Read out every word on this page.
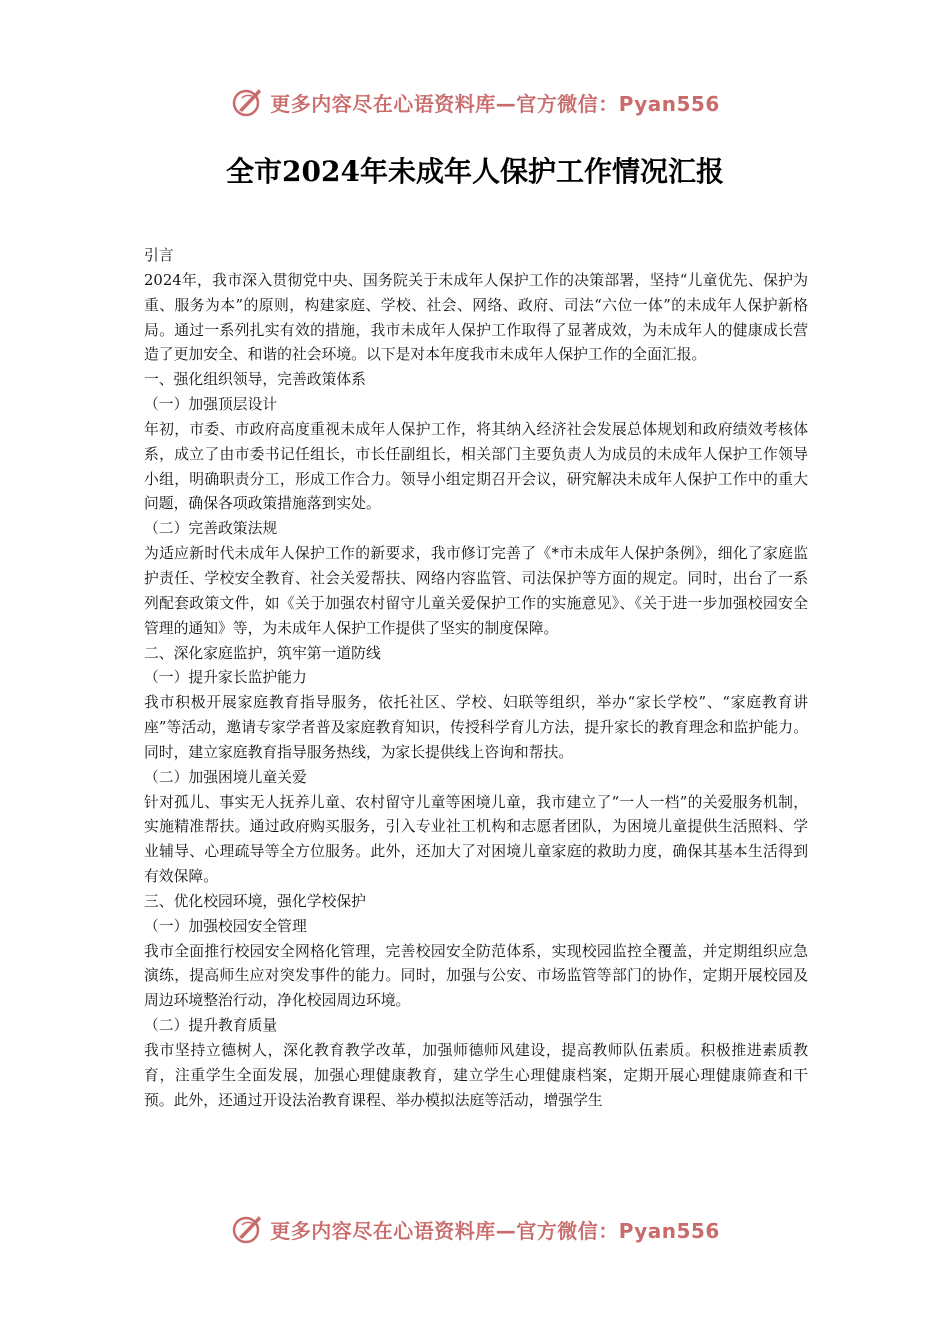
更多内容尽在心语资料库—官方微信：Pyan556
全市2024年未成年人保护工作情况汇报

引言

2024年，我市深入贯彻党中央、国务院关于未成年人保护工作的决策部署，坚持“儿童优先、保护为重、服务为本”的原则，构建家庭、学校、社会、网络、政府、司法“六位一体”的未成年人保护新格局。通过一系列扎实有效的措施，我市未成年人保护工作取得了显著成效，为未成年人的健康成长营造了更加安全、和谐的社会环境。以下是对本年度我市未成年人保护工作的全面汇报。

一、强化组织领导，完善政策体系

（一）加强顶层设计

年初，市委、市政府高度重视未成年人保护工作，将其纳入经济社会发展总体规划和政府绩效考核体系，成立了由市委书记任组长，市长任副组长，相关部门主要负责人为成员的未成年人保护工作领导小组，明确职责分工，形成工作合力。领导小组定期召开会议，研究解决未成年人保护工作中的重大问题，确保各项政策措施落到实处。

（二）完善政策法规

为适应新时代未成年人保护工作的新要求，我市修订完善了《*市未成年人保护条例》，细化了家庭监护责任、学校安全教育、社会关爱帮扶、网络内容监管、司法保护等方面的规定。同时，出台了一系列配套政策文件，如《关于加强农村留守儿童关爱保护工作的实施意见》、《关于进一步加强校园安全管理的通知》等，为未成年人保护工作提供了坚实的制度保障。

二、深化家庭监护，筑牢第一道防线

（一）提升家长监护能力

我市积极开展家庭教育指导服务，依托社区、学校、妇联等组织，举办“家长学校”、“家庭教育讲座”等活动，邀请专家学者普及家庭教育知识，传授科学育儿方法，提升家长的教育理念和监护能力。同时，建立家庭教育指导服务热线，为家长提供线上咨询和帮扶。

（二）加强困境儿童关爱

针对孤儿、事实无人抚养儿童、农村留守儿童等困境儿童，我市建立了“一人一档”的关爱服务机制，实施精准帮扶。通过政府购买服务，引入专业社工机构和志愿者团队，为困境儿童提供生活照料、学业辅导、心理疏导等全方位服务。此外，还加大了对困境儿童家庭的救助力度，确保其基本生活得到有效保障。

三、优化校园环境，强化学校保护

（一）加强校园安全管理

我市全面推行校园安全网格化管理，完善校园安全防范体系，实现校园监控全覆盖，并定期组织应急演练，提高师生应对突发事件的能力。同时，加强与公安、市场监管等部门的协作，定期开展校园及周边环境整治行动，净化校园周边环境。

（二）提升教育质量

我市坚持立德树人，深化教育教学改革，加强师德师风建设，提高教师队伍素质。积极推进素质教育，注重学生全面发展，加强心理健康教育，建立学生心理健康档案，定期开展心理健康筛查和干预。此外，还通过开设法治教育课程、举办模拟法庭等活动，增强学生

更多内容尽在心语资料库—官方微信：Pyan556
